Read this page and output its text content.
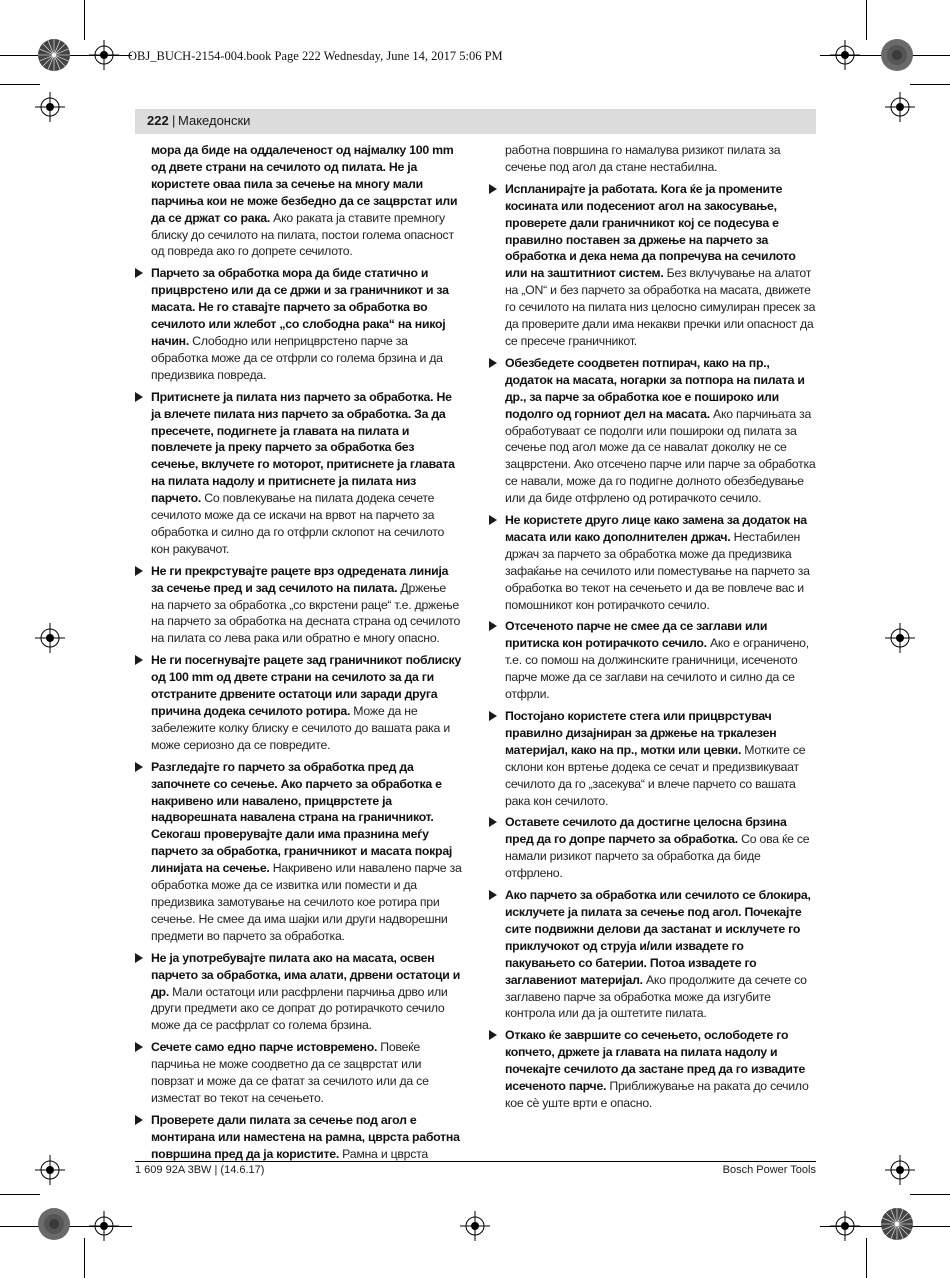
OBJ_BUCH-2154-004.book Page 222 Wednesday, June 14, 2017 5:06 PM
222 | Македонски
мора да биде на оддалеченост од најмалку 100 mm од двете страни на сечилото од пилата. Не ја користете оваа пила за сечење на многу мали парчиња кои не може безбедно да се зацврстат или да се држат со рака. Ако раката ја ставите премногу блиску до сечилото на пилата, постои голема опасност од повреда ако го допрете сечилото.
Парчето за обработка мора да биде статично и прицврстено или да се држи и за граничникот и за масата. Не го ставајте парчето за обработка во сечилото или жлебот „со слободна рака“ на никој начин. Слободно или неприцврстено парче за обработка може да се отфрли со голема брзина и да предизвика повреда.
Притиснете ја пилата низ парчето за обработка. Не ја влечете пилата низ парчето за обработка. За да пресечете, подигнете ја главата на пилата и повлечете ја преку парчето за обработка без сечење, вклучете го моторот, притиснете ја главата на пилата надолу и притиснете ја пилата низ парчето. Со повлекување на пилата додека сечете сечилото може да се искачи на врвот на парчето за обработка и силно да го отфрли склопот на сечилото кон ракувачот.
Не ги прекрстувајте рацете врз одредената линија за сечење пред и зад сечилото на пилата. Држење на парчето за обработка „со вкрстени раце“ т.е. држење на парчето за обработка на десната страна од сечилото на пилата со лева рака или обратно е многу опасно.
Не ги посегнувајте рацете зад граничникот поблиску од 100 mm од двете страни на сечилото за да ги отстраните дрвените остатоци или заради друга причина додека сечилото ротира. Може да не забележите колку блиску е сечилото до вашата рака и може сериозно да се повредите.
Разгледајте го парчето за обработка пред да започнете со сечење. Ако парчето за обработка е накривено или навалено, прицврстете ја надворешната навалена страна на граничникот. Секогаш проверувајте дали има празнина меѓу парчето за обработка, граничникот и масата покрај линијата на сечење. Накривено или навалено парче за обработка може да се извитка или помести и да предизвика замотување на сечилото кое ротира при сечење. Не смее да има шајки или други надворешни предмети во парчето за обработка.
Не ја употребувајте пилата ако на масата, освен парчето за обработка, има алати, дрвени остатоци и др. Мали остатоци или расфрлени парчиња дрво или други предмети ако се допрат до ротирачкото сечило може да се расфрлат со голема брзина.
Сечете само едно парче истовремено. Повеќе парчиња не може соодветно да се зацврстат или поврзат и може да се фатат за сечилото или да се изместат во текот на сечењето.
Проверете дали пилата за сечење под агол е монтирана или наместена на рамна, цврста работна површина пред да ја користите. Рамна и цврста
работна површина го намалува ризикот пилата за сечење под агол да стане нестабилна.
Испланирајте ја работата. Кога ќе ја промените косината или подесениот агол на закосување, проверете дали граничникот кој се подесува е правилно поставен за држење на парчето за обработка и дека нема да попречува на сечилото или на заштитниот систем. Без вклучување на алатот на „ON“ и без парчето за обработка на масата, движете го сечилото на пилата низ целосно симулиран пресек за да проверите дали има некакви пречки или опасност да се пресече граничникот.
Обезбедете соодветен потпирач, како на пр., додаток на масата, ногарки за потпора на пилата и др., за парче за обработка кое е пошироко или подолго од горниот дел на масата. Ако парчињата за обработуваат се подолги или пошироки од пилата за сечење под агол може да се навалат доколку не се зацврстени. Ако отсечено парче или парче за обработка се навали, може да го подигне долното обезбедување или да биде отфрлено од ротирачкото сечило.
Не користете друго лице како замена за додаток на масата или како дополнителен држач. Нестабилен држач за парчето за обработка може да предизвика зафаќање на сечилото или поместување на парчето за обработка во текот на сечењето и да ве повлече вас и помошникот кон ротирачкото сечило.
Отсеченото парче не смее да се заглави или притиска кон ротирачкото сечило. Ако е ограничено, т.е. со помош на должинските граничници, исеченото парче може да се заглави на сечилото и силно да се отфрли.
Постојано користете стега или прицврстувач правилно дизајниран за држење на тркалезен материјал, како на пр., мотки или цевки. Мотките се склони кон вртење додека се сечат и предизвикуваат сечилото да го „засекува“ и влече парчето со вашата рака кон сечилото.
Оставете сечилото да достигне целосна брзина пред да го допре парчето за обработка. Со ова ќе се намали ризикот парчето за обработка да биде отфрлено.
Ако парчето за обработка или сечилото се блокира, исклучете ја пилата за сечење под агол. Почекајте сите подвижни делови да застанат и исклучете го приклучокот од струја и/или извадете го пакувањето со батерии. Потоа извадете го заглавениот материјал. Ако продолжите да сечете со заглавено парче за обработка може да изгубите контрола или да ја оштетите пилата.
Откако ќе завршите со сечењето, ослободете го копчето, држете ја главата на пилата надолу и почекајте сечилото да застане пред да го извадите исеченото парче. Приближување на раката до сечило кое сѐ уште врти е опасно.
1 609 92A 3BW | (14.6.17)	Bosch Power Tools
